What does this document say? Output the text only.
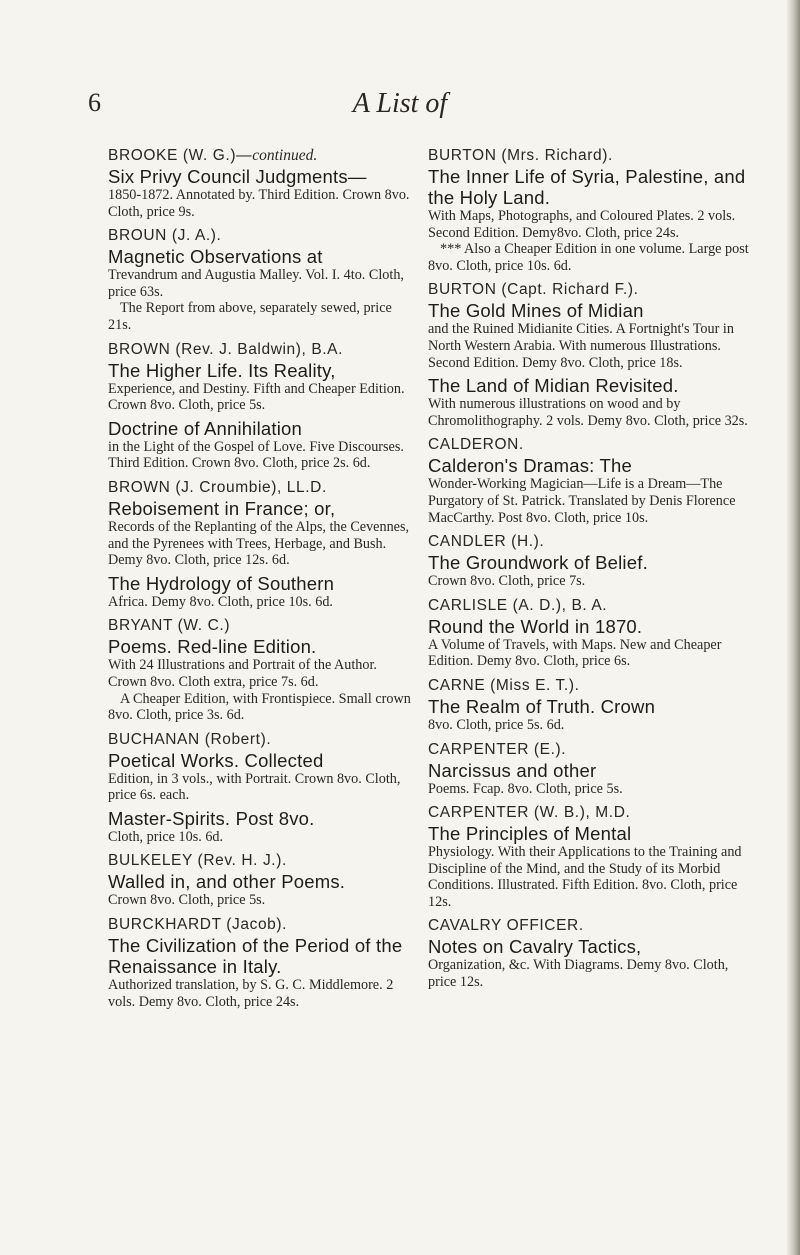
6	A List of
BROOKE (W. G.)—continued.
Six Privy Council Judgments—
1850-1872. Annotated by. Third Edition. Crown 8vo. Cloth, price 9s.
BROUN (J. A.).
Magnetic Observations at
Trevandrum and Augustia Malley. Vol. I. 4to. Cloth, price 63s.
The Report from above, separately sewed, price 21s.
BROWN (Rev. J. Baldwin), B.A.
The Higher Life. Its Reality,
Experience, and Destiny. Fifth and Cheaper Edition. Crown 8vo. Cloth, price 5s.
Doctrine of Annihilation
in the Light of the Gospel of Love. Five Discourses. Third Edition. Crown 8vo. Cloth, price 2s. 6d.
BROWN (J. Croumbie), LL.D.
Reboisement in France; or,
Records of the Replanting of the Alps, the Cevennes, and the Pyrenees with Trees, Herbage, and Bush. Demy 8vo. Cloth, price 12s. 6d.
The Hydrology of Southern
Africa. Demy 8vo. Cloth, price 10s. 6d.
BRYANT (W. C.)
Poems. Red-line Edition.
With 24 Illustrations and Portrait of the Author. Crown 8vo. Cloth extra, price 7s. 6d.
A Cheaper Edition, with Frontispiece. Small crown 8vo. Cloth, price 3s. 6d.
BUCHANAN (Robert).
Poetical Works. Collected
Edition, in 3 vols., with Portrait. Crown 8vo. Cloth, price 6s. each.
Master-Spirits. Post 8vo.
Cloth, price 10s. 6d.
BULKELEY (Rev. H. J.).
Walled in, and other Poems.
Crown 8vo. Cloth, price 5s.
BURCKHARDT (Jacob).
The Civilization of the Period of the Renaissance in Italy.
Authorized translation, by S. G. C. Middlemore. 2 vols. Demy 8vo. Cloth, price 24s.
BURTON (Mrs. Richard).
The Inner Life of Syria, Palestine, and the Holy Land.
With Maps, Photographs, and Coloured Plates. 2 vols. Second Edition. Demy8vo. Cloth, price 24s.
*** Also a Cheaper Edition in one volume. Large post 8vo. Cloth, price 10s. 6d.
BURTON (Capt. Richard F.).
The Gold Mines of Midian
and the Ruined Midianite Cities. A Fortnight's Tour in North Western Arabia. With numerous Illustrations. Second Edition. Demy 8vo. Cloth, price 18s.
The Land of Midian Revisited.
With numerous illustrations on wood and by Chromolithography. 2 vols. Demy 8vo. Cloth, price 32s.
CALDERON.
Calderon's Dramas: The
Wonder-Working Magician—Life is a Dream—The Purgatory of St. Patrick. Translated by Denis Florence MacCarthy. Post 8vo. Cloth, price 10s.
CANDLER (H.).
The Groundwork of Belief.
Crown 8vo. Cloth, price 7s.
CARLISLE (A. D.), B. A.
Round the World in 1870.
A Volume of Travels, with Maps. New and Cheaper Edition. Demy 8vo. Cloth, price 6s.
CARNE (Miss E. T.).
The Realm of Truth. Crown
8vo. Cloth, price 5s. 6d.
CARPENTER (E.).
Narcissus and other
Poems. Fcap. 8vo. Cloth, price 5s.
CARPENTER (W. B.), M.D.
The Principles of Mental
Physiology. With their Applications to the Training and Discipline of the Mind, and the Study of its Morbid Conditions. Illustrated. Fifth Edition. 8vo. Cloth, price 12s.
CAVALRY OFFICER.
Notes on Cavalry Tactics,
Organization, &c. With Diagrams. Demy 8vo. Cloth, price 12s.
